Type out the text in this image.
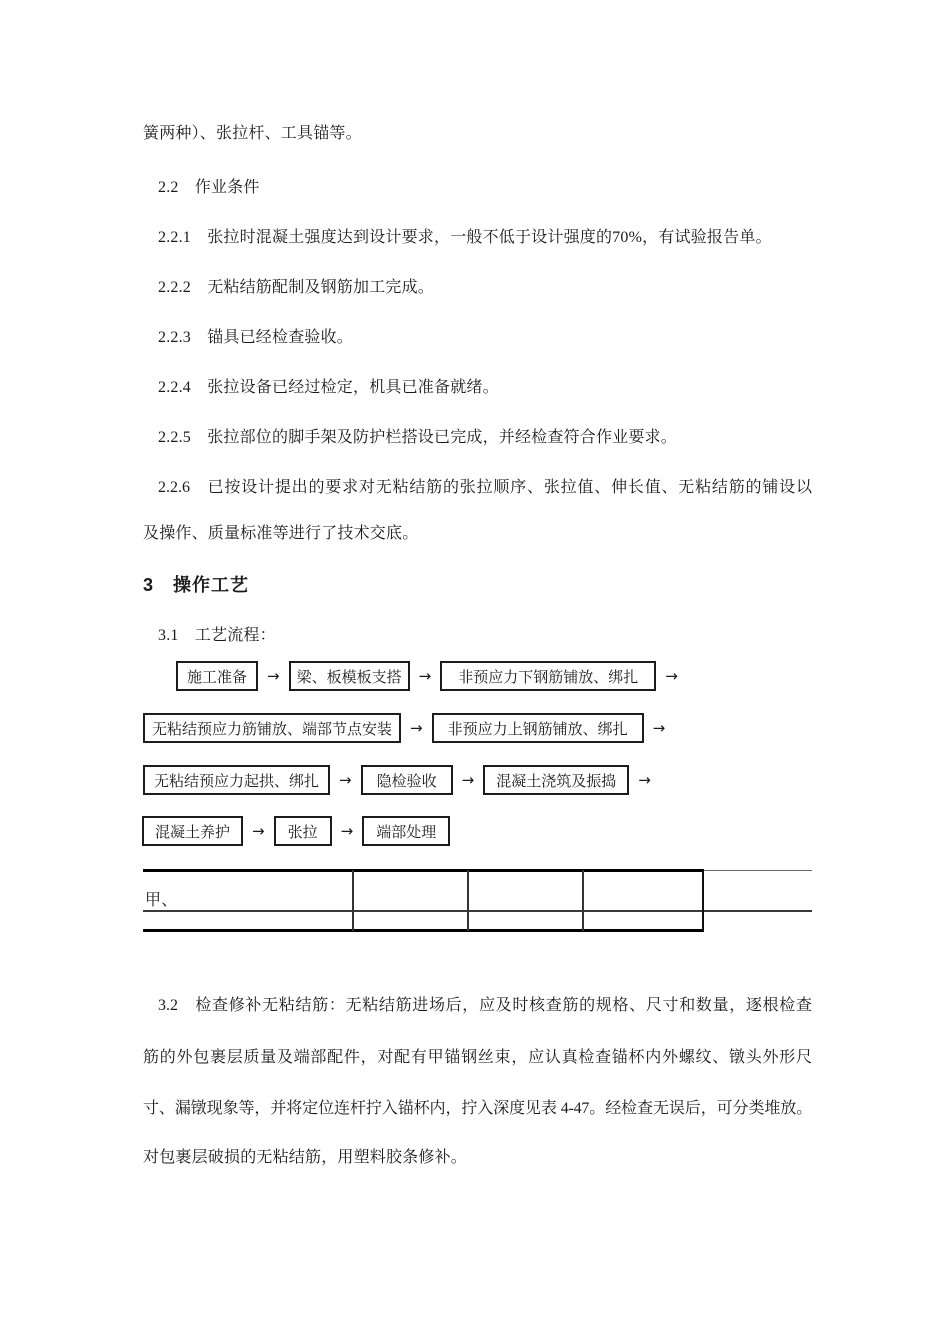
簧两种）、张拉杆、工具锚等。
2.2　作业条件
2.2.1　张拉时混凝土强度达到设计要求，一般不低于设计强度的70%，有试验报告单。
2.2.2　无粘结筋配制及钢筋加工完成。
2.2.3　锚具已经检查验收。
2.2.4　张拉设备已经过检定，机具已准备就绪。
2.2.5　张拉部位的脚手架及防护栏搭设已完成，并经检查符合作业要求。
2.2.6　已按设计提出的要求对无粘结筋的张拉顺序、张拉值、伸长值、无粘结筋的铺设以
及操作、质量标准等进行了技术交底。
3　操作工艺
3.1　工艺流程：
施工准备	→	梁、板模板支搭	→	非预应力下钢筋铺放、绑扎	→
无粘结预应力筋铺放、端部节点安装	→	非预应力上钢筋铺放、绑扎	→
无粘结预应力起拱、绑扎	→	隐检验收	→	混凝土浇筑及振捣	→
混凝土养护	→	张拉	→	端部处理
甲、
3.2　检查修补无粘结筋：无粘结筋进场后，应及时核查筋的规格、尺寸和数量，逐根检查
筋的外包裹层质量及端部配件，对配有甲锚钢丝束，应认真检查锚杯内外螺纹、镦头外形尺
寸、漏镦现象等，并将定位连杆拧入锚杯内，拧入深度见表 4-47。经检查无误后，可分类堆放。
对包裹层破损的无粘结筋，用塑料胶条修补。
